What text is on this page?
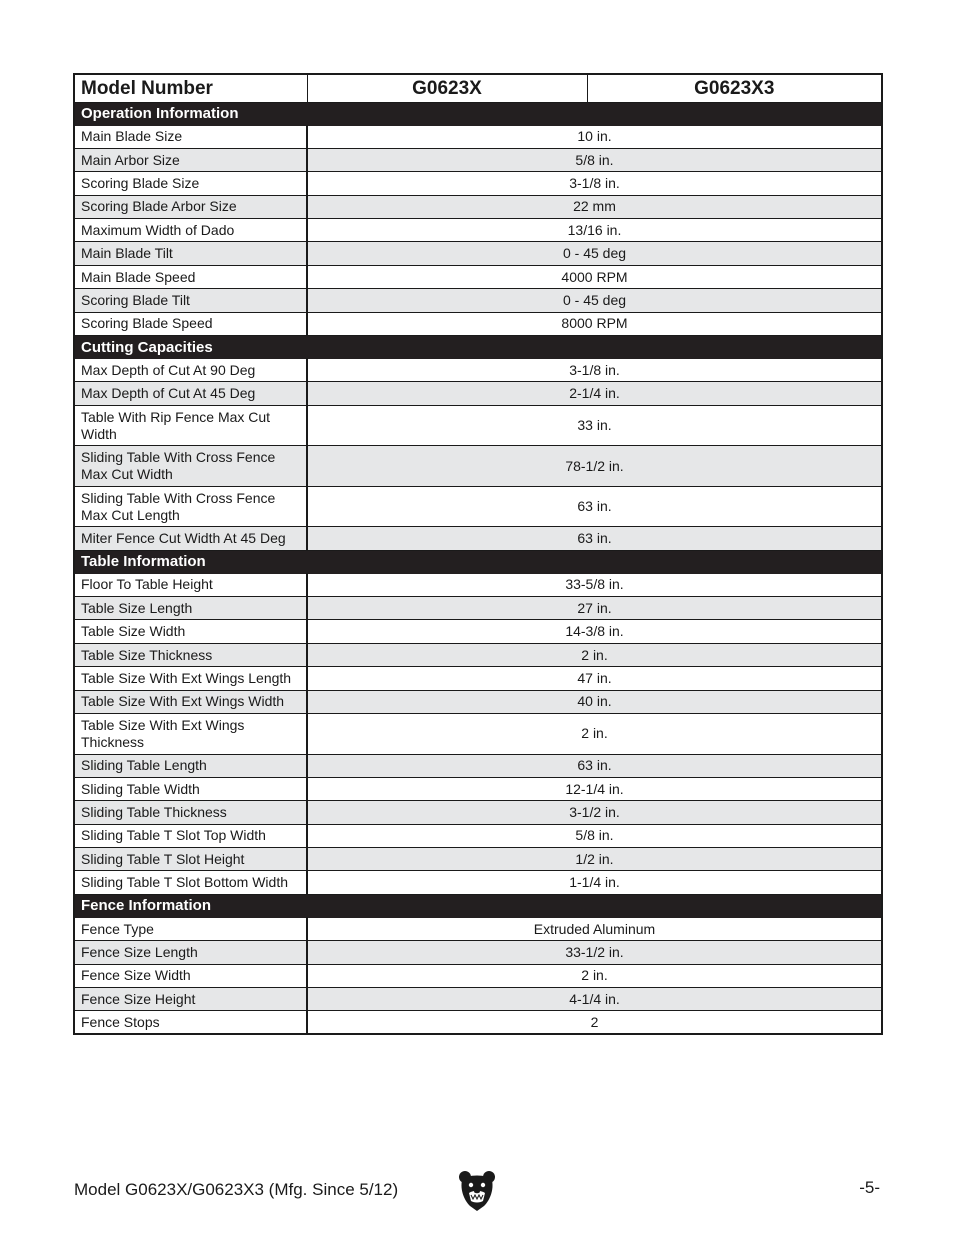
Model Number	G0623X	G0623X3
Operation Information		
Main Blade Size	10 in.	
Main Arbor Size	5/8 in.	
Scoring Blade Size	3-1/8 in.	
Scoring Blade Arbor Size	22 mm	
Maximum Width of Dado	13/16 in.	
Main Blade Tilt	0 - 45 deg	
Main Blade Speed	4000 RPM	
Scoring Blade Tilt	0 - 45 deg	
Scoring Blade Speed	8000 RPM	
Cutting Capacities		
Max Depth of Cut At 90 Deg	3-1/8 in.	
Max Depth of Cut At 45 Deg	2-1/4 in.	
Table With Rip Fence Max Cut Width	33 in.	
Sliding Table With Cross Fence Max Cut Width	78-1/2 in.	
Sliding Table With Cross Fence Max Cut Length	63 in.	
Miter Fence Cut Width At 45 Deg	63 in.	
Table Information		
Floor To Table Height	33-5/8 in.	
Table Size Length	27 in.	
Table Size Width	14-3/8 in.	
Table Size Thickness	2 in.	
Table Size With Ext Wings Length	47 in.	
Table Size With Ext Wings Width	40 in.	
Table Size With Ext Wings Thickness	2 in.	
Sliding Table Length	63 in.	
Sliding Table Width	12-1/4 in.	
Sliding Table Thickness	3-1/2 in.	
Sliding Table T Slot Top Width	5/8 in.	
Sliding Table T Slot Height	1/2 in.	
Sliding Table T Slot Bottom Width	1-1/4 in.	
Fence Information		
Fence Type	Extruded Aluminum	
Fence Size Length	33-1/2 in.	
Fence Size Width	2 in.	
Fence Size Height	4-1/4 in.	
Fence Stops	2	
Model G0623X/G0623X3 (Mfg. Since 5/12)	-5-
